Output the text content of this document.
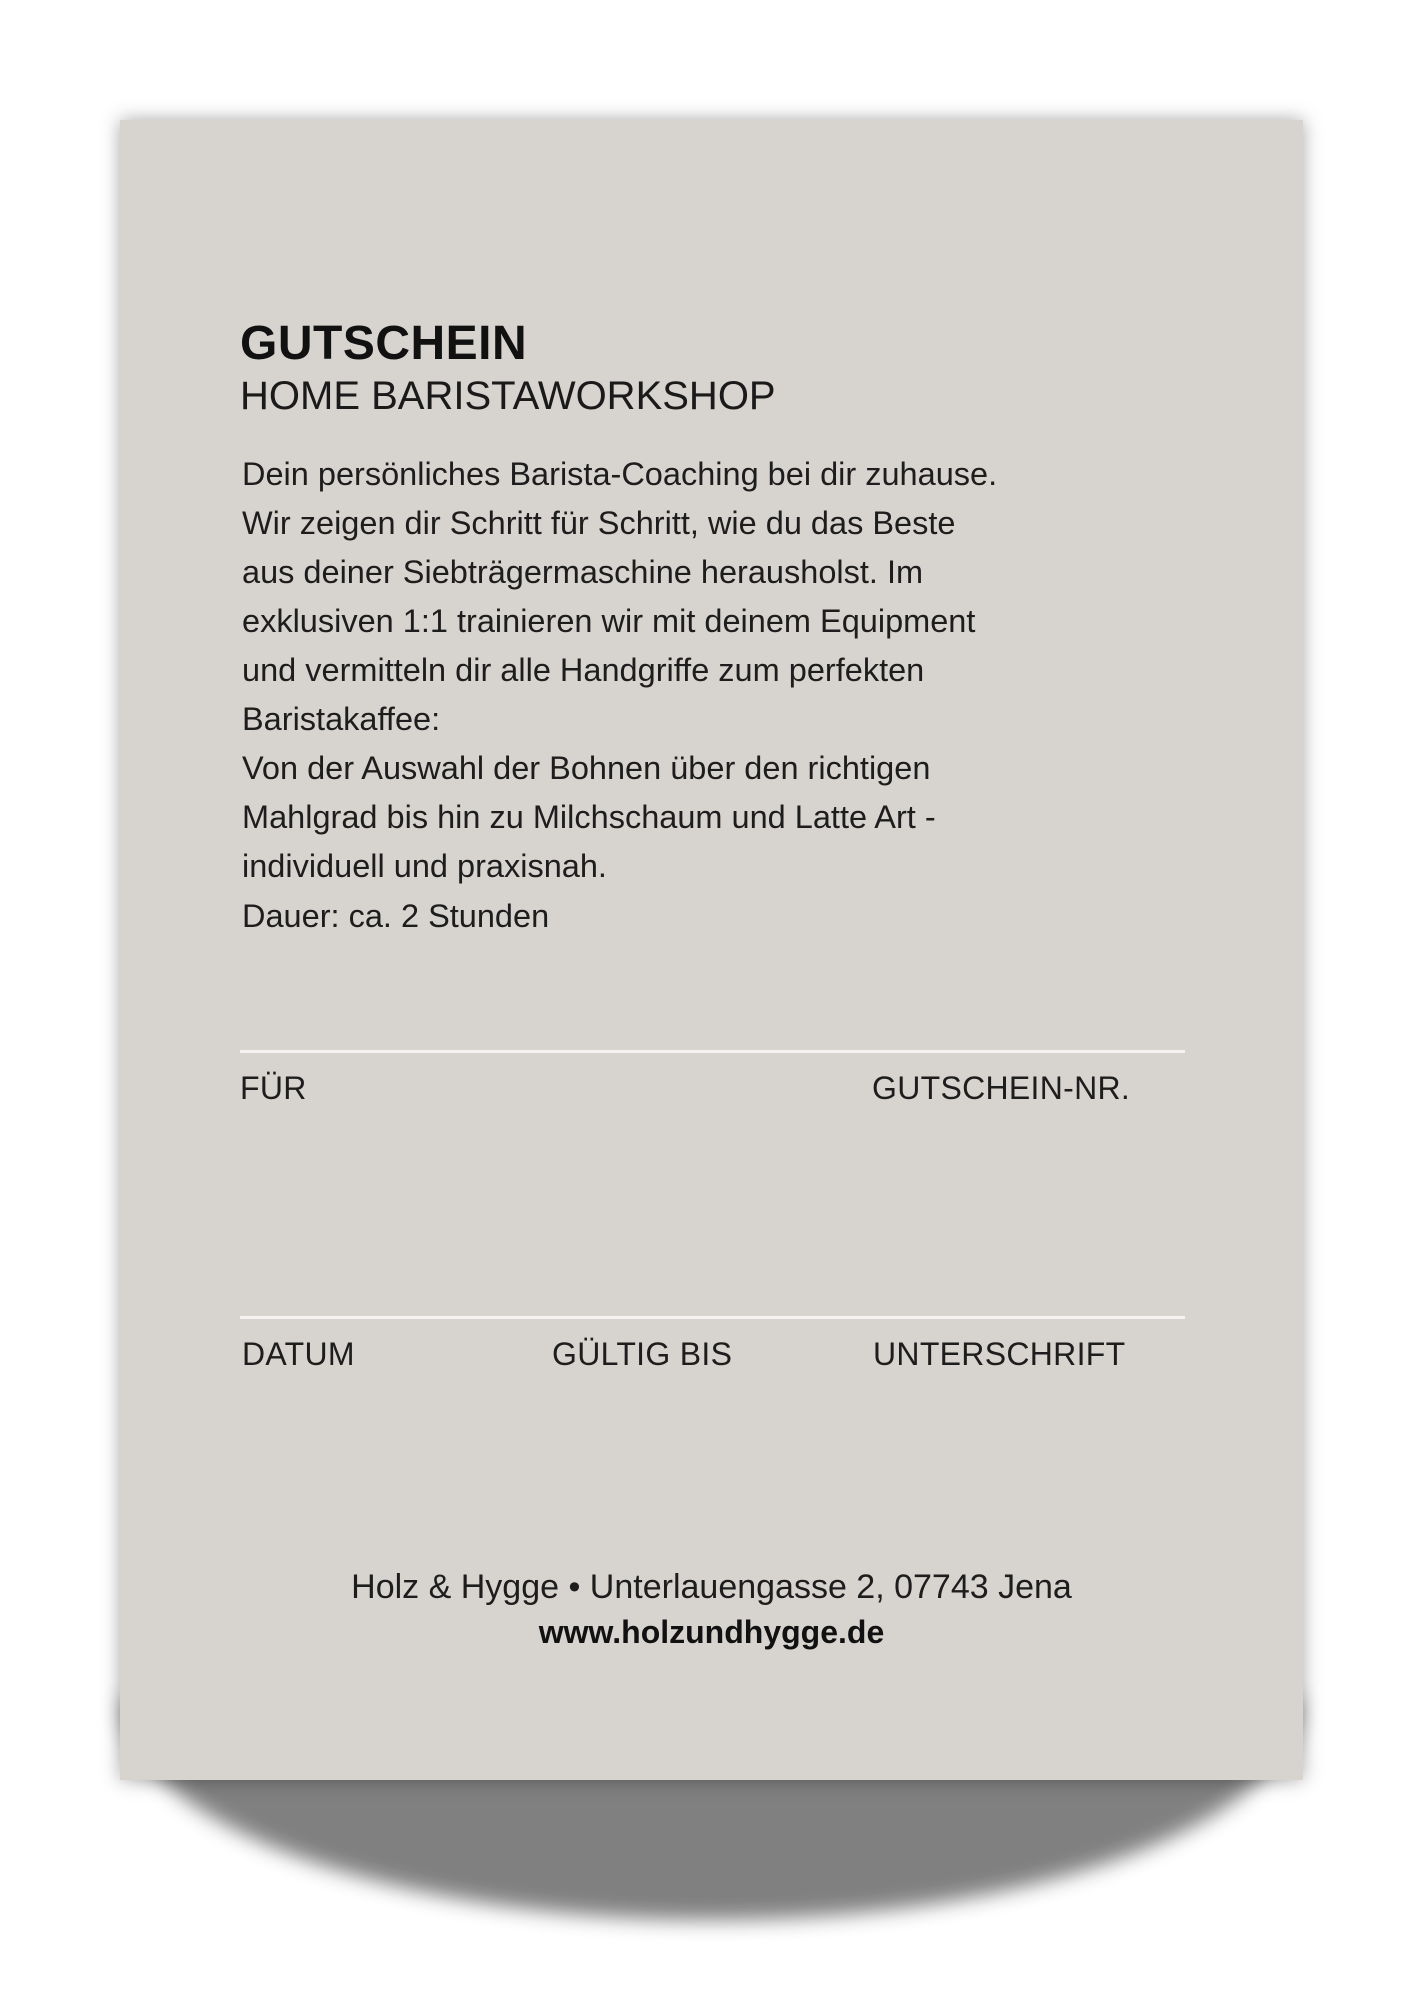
GUTSCHEIN
HOME BARISTAWORKSHOP

Dein persönliches Barista-Coaching bei dir zuhause.

Wir zeigen dir Schritt für Schritt, wie du das Beste

aus deiner Siebträgermaschine herausholst. Im

exklusiven 1:1 trainieren wir mit deinem Equipment

und vermitteln dir alle Handgriffe zum perfekten

Baristakaffee:

Von der Auswahl der Bohnen über den richtigen

Mahlgrad bis hin zu Milchschaum und Latte Art -

individuell und praxisnah.

Dauer: ca. 2 Stunden
FÜR	GUTSCHEIN-NR.
DATUM	GÜLTIG BIS	UNTERSCHRIFT
Holz & Hygge • Unterlauengasse 2, 07743 Jena
www.holzundhygge.de
